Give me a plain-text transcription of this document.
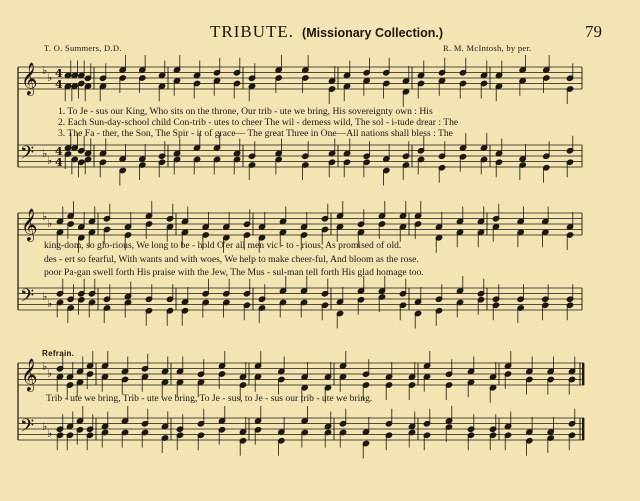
𝄞
𝄢
♭
♭
♭
♭
4
4
4
4
𝄞
𝄢
♭
♭
♭
♭
𝄞
𝄢
♭
♭
♭
♭
TRIBUTE. (Missionary Collection.)	79
T. O. Summers, D.D.	R. M. McIntosh, by per.
1. To Je - sus our King, Who sits on the throne, Our trib - ute we bring, His sovereignty own : His
2. Each Sun-day-school child Con-trib - utes to cheer The wil - derness wild, The sol - i-tude drear : The
3. The Fa - ther, the Son, The Spir - it of grace— The great Three in One—All nations shall bless : The
king-dom, so glo-rious, We long to be - hold O'er all men vic - to - rious, As promised of old.
des - ert so fearful, With wants and with woes, We help to make cheer-ful, And bloom as the rose.
poor Pa-gan swell forth His praise with the Jew, The Mus - sul-man tell forth His glad homage too.
Refrain.
Trib - ute we bring, Trib - ute we bring, To Je - sus, to Je - sus our trib - ute we bring.
